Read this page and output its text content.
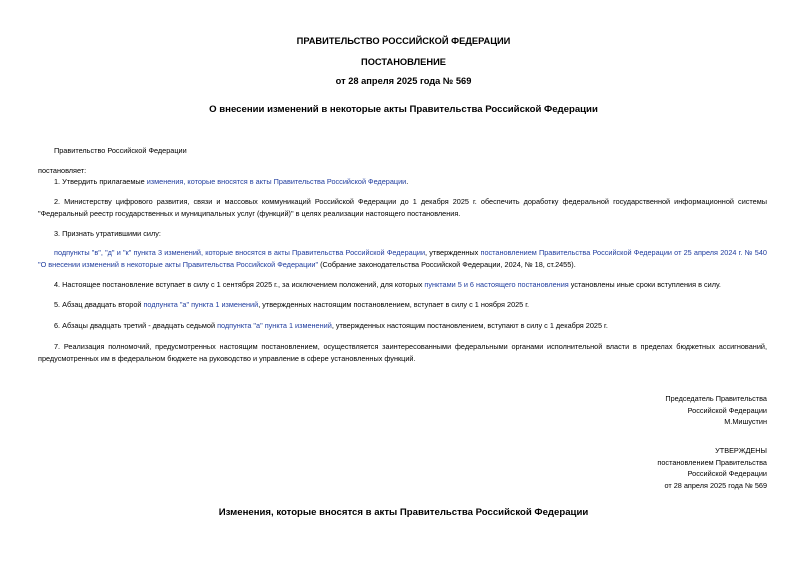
ПРАВИТЕЛЬСТВО РОССИЙСКОЙ ФЕДЕРАЦИИ
ПОСТАНОВЛЕНИЕ
от 28 апреля 2025 года № 569
О внесении изменений в некоторые акты Правительства Российской Федерации
Правительство Российской Федерации
постановляет:
1. Утвердить прилагаемые изменения, которые вносятся в акты Правительства Российской Федерации.
2. Министерству цифрового развития, связи и массовых коммуникаций Российской Федерации до 1 декабря 2025 г. обеспечить доработку федеральной государственной информационной системы "Федеральный реестр государственных и муниципальных услуг (функций)" в целях реализации настоящего постановления.
3. Признать утратившими силу:
подпункты "в", "д" и "к" пункта 3 изменений, которые вносятся в акты Правительства Российской Федерации, утвержденных постановлением Правительства Российской Федерации от 25 апреля 2024 г. № 540 "О внесении изменений в некоторые акты Правительства Российской Федерации" (Собрание законодательства Российской Федерации, 2024, № 18, ст.2455).
4. Настоящее постановление вступает в силу с 1 сентября 2025 г., за исключением положений, для которых пунктами 5 и 6 настоящего постановления установлены иные сроки вступления в силу.
5. Абзац двадцать второй подпункта "а" пункта 1 изменений, утвержденных настоящим постановлением, вступает в силу с 1 ноября 2025 г.
6. Абзацы двадцать третий - двадцать седьмой подпункта "а" пункта 1 изменений, утвержденных настоящим постановлением, вступают в силу с 1 декабря 2025 г.
7. Реализация полномочий, предусмотренных настоящим постановлением, осуществляется заинтересованными федеральными органами исполнительной власти в пределах бюджетных ассигнований, предусмотренных им в федеральном бюджете на руководство и управление в сфере установленных функций.
Председатель Правительства
Российской Федерации
М.Мишустин
УТВЕРЖДЕНЫ
постановлением Правительства
Российской Федерации
от 28 апреля 2025 года № 569
Изменения, которые вносятся в акты Правительства Российской Федерации
